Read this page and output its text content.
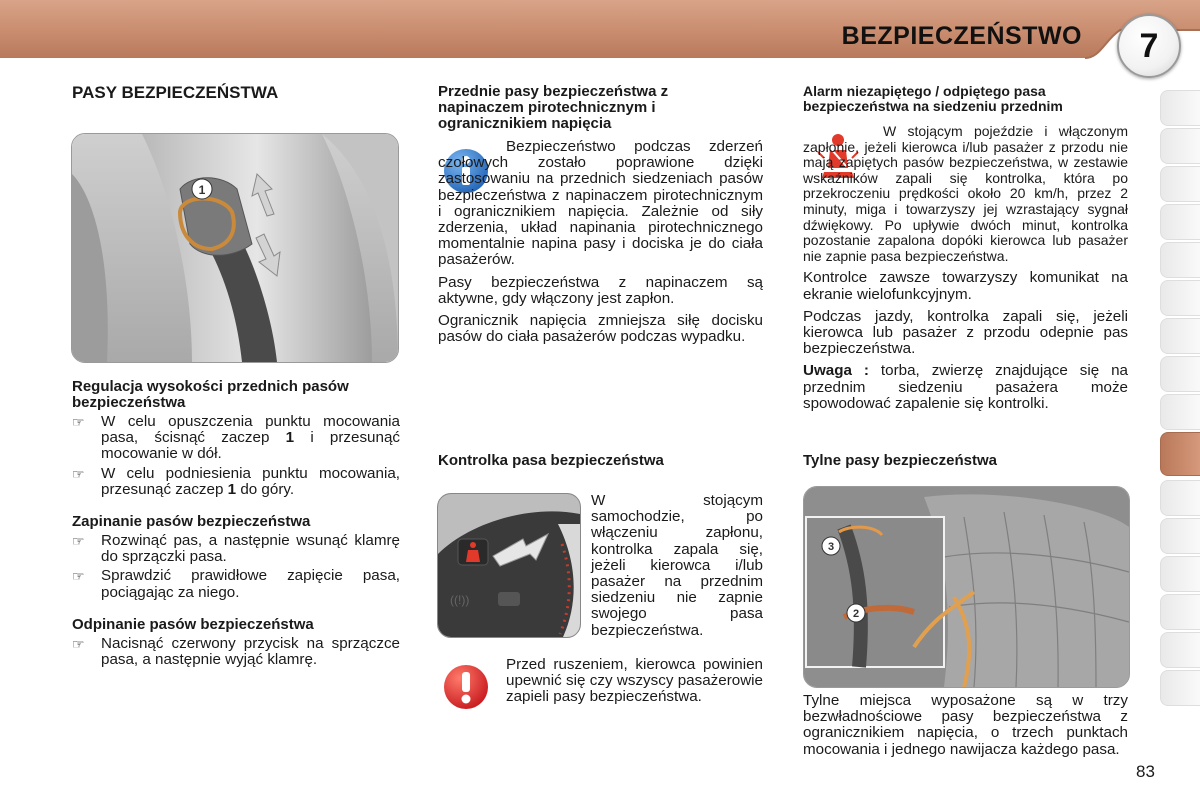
BEZPIECZEŃSTWO 7
PASY BEZPIECZEŃSTWA
1
Regulacja wysokości przednich pasów bezpieczeństwa
☞ W celu opuszczenia punktu mocowania pasa, ścisnąć zaczep 1 i przesunąć mocowanie w dół.
☞ W celu podniesienia punktu mocowania, przesunąć zaczep 1 do góry.
Zapinanie pasów bezpieczeństwa
☞ Rozwinąć pas, a następnie wsunąć klamrę do sprzączki pasa.
☞ Sprawdzić prawidłowe zapięcie pasa, pociągając za niego.
Odpinanie pasów bezpieczeństwa
☞ Nacisnąć czerwony przycisk na sprzączce pasa, a następnie wyjąć klamrę.
Przednie pasy bezpieczeństwa z napinaczem pirotechnicznym i ogranicznikiem napięcia

Bezpieczeństwo podczas zderzeń czołowych zostało poprawione dzięki zastosowaniu na przednich siedzeniach pasów bezpieczeństwa z napinaczem pirotechnicznym i ogranicznikiem napięcia. Zależnie od siły zderzenia, układ napinania pirotechnicznego momentalnie napina pasy i dociska je do ciała pasażerów.

Pasy bezpieczeństwa z napinaczem są aktywne, gdy włączony jest zapłon.

Ogranicznik napięcia zmniejsza siłę docisku pasów do ciała pasażerów podczas wypadku.

Kontrolka pasa bezpieczeństwa
((!))

W stojącym samochodzie, po włączeniu zapłonu, kontrolka zapala się, jeżeli kierowca i/lub pasażer na przednim siedzeniu nie zapnie swojego pasa bezpieczeństwa.

Przed ruszeniem, kierowca powinien upewnić się czy wszyscy pasażerowie zapieli pasy bezpieczeństwa.

Alarm niezapiętego / odpiętego pasa bezpieczeństwa na siedzeniu przednim

W stojącym pojeździe i włączonym zapłonie, jeżeli kierowca i/lub pasażer z przodu nie mają zapiętych pasów bezpieczeństwa, w zestawie wskaźników zapali się kontrolka, która po przekroczeniu prędkości około 20 km/h, przez 2 minuty, miga i towarzyszy jej wzrastający sygnał dźwiękowy. Po upływie dwóch minut, kontrolka pozostanie zapalona dopóki kierowca lub pasażer nie zapnie pasa bezpieczeństwa.

Kontrolce zawsze towarzyszy komunikat na ekranie wielofunkcyjnym.

Podczas jazdy, kontrolka zapali się, jeżeli kierowca lub pasażer z przodu odepnie pas bezpieczeństwa.

Uwaga : torba, zwierzę znajdujące się na przednim siedzeniu pasażera może spowodować zapalenie się kontrolki.

Tylne pasy bezpieczeństwa
3
2

Tylne miejsca wyposażone są w trzy bezwładnościowe pasy bezpieczeństwa z ogranicznikiem napięcia, o trzech punktach mocowania i jednego nawijacza każdego pasa.

83
